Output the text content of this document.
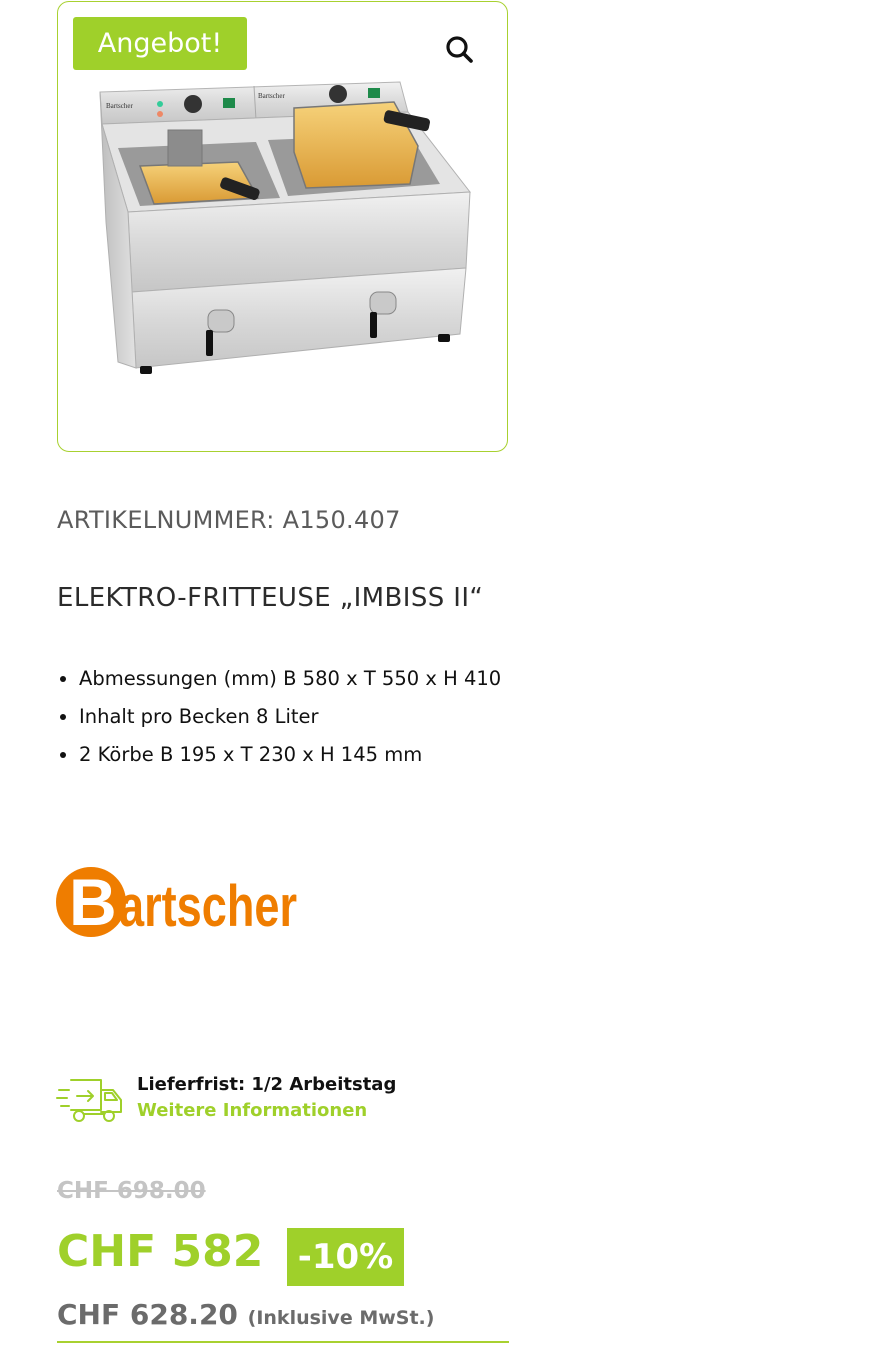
Angebot!
Bartscher
Bartscher
ARTIKELNUMMER: A150.407
ELEKTRO-FRITTEUSE „IMBISS II“
• Abmessungen (mm) B 580 x T 550 x H 410
• Inhalt pro Becken 8 Liter
• 2 Körbe B 195 x T 230 x H 145 mm
B artscher
Lieferfrist: 1/2 Arbeitstag
Weitere Informationen
CHF 698.00
CHF 582	-10%
CHF 628.20 (Inklusive MwSt.)
